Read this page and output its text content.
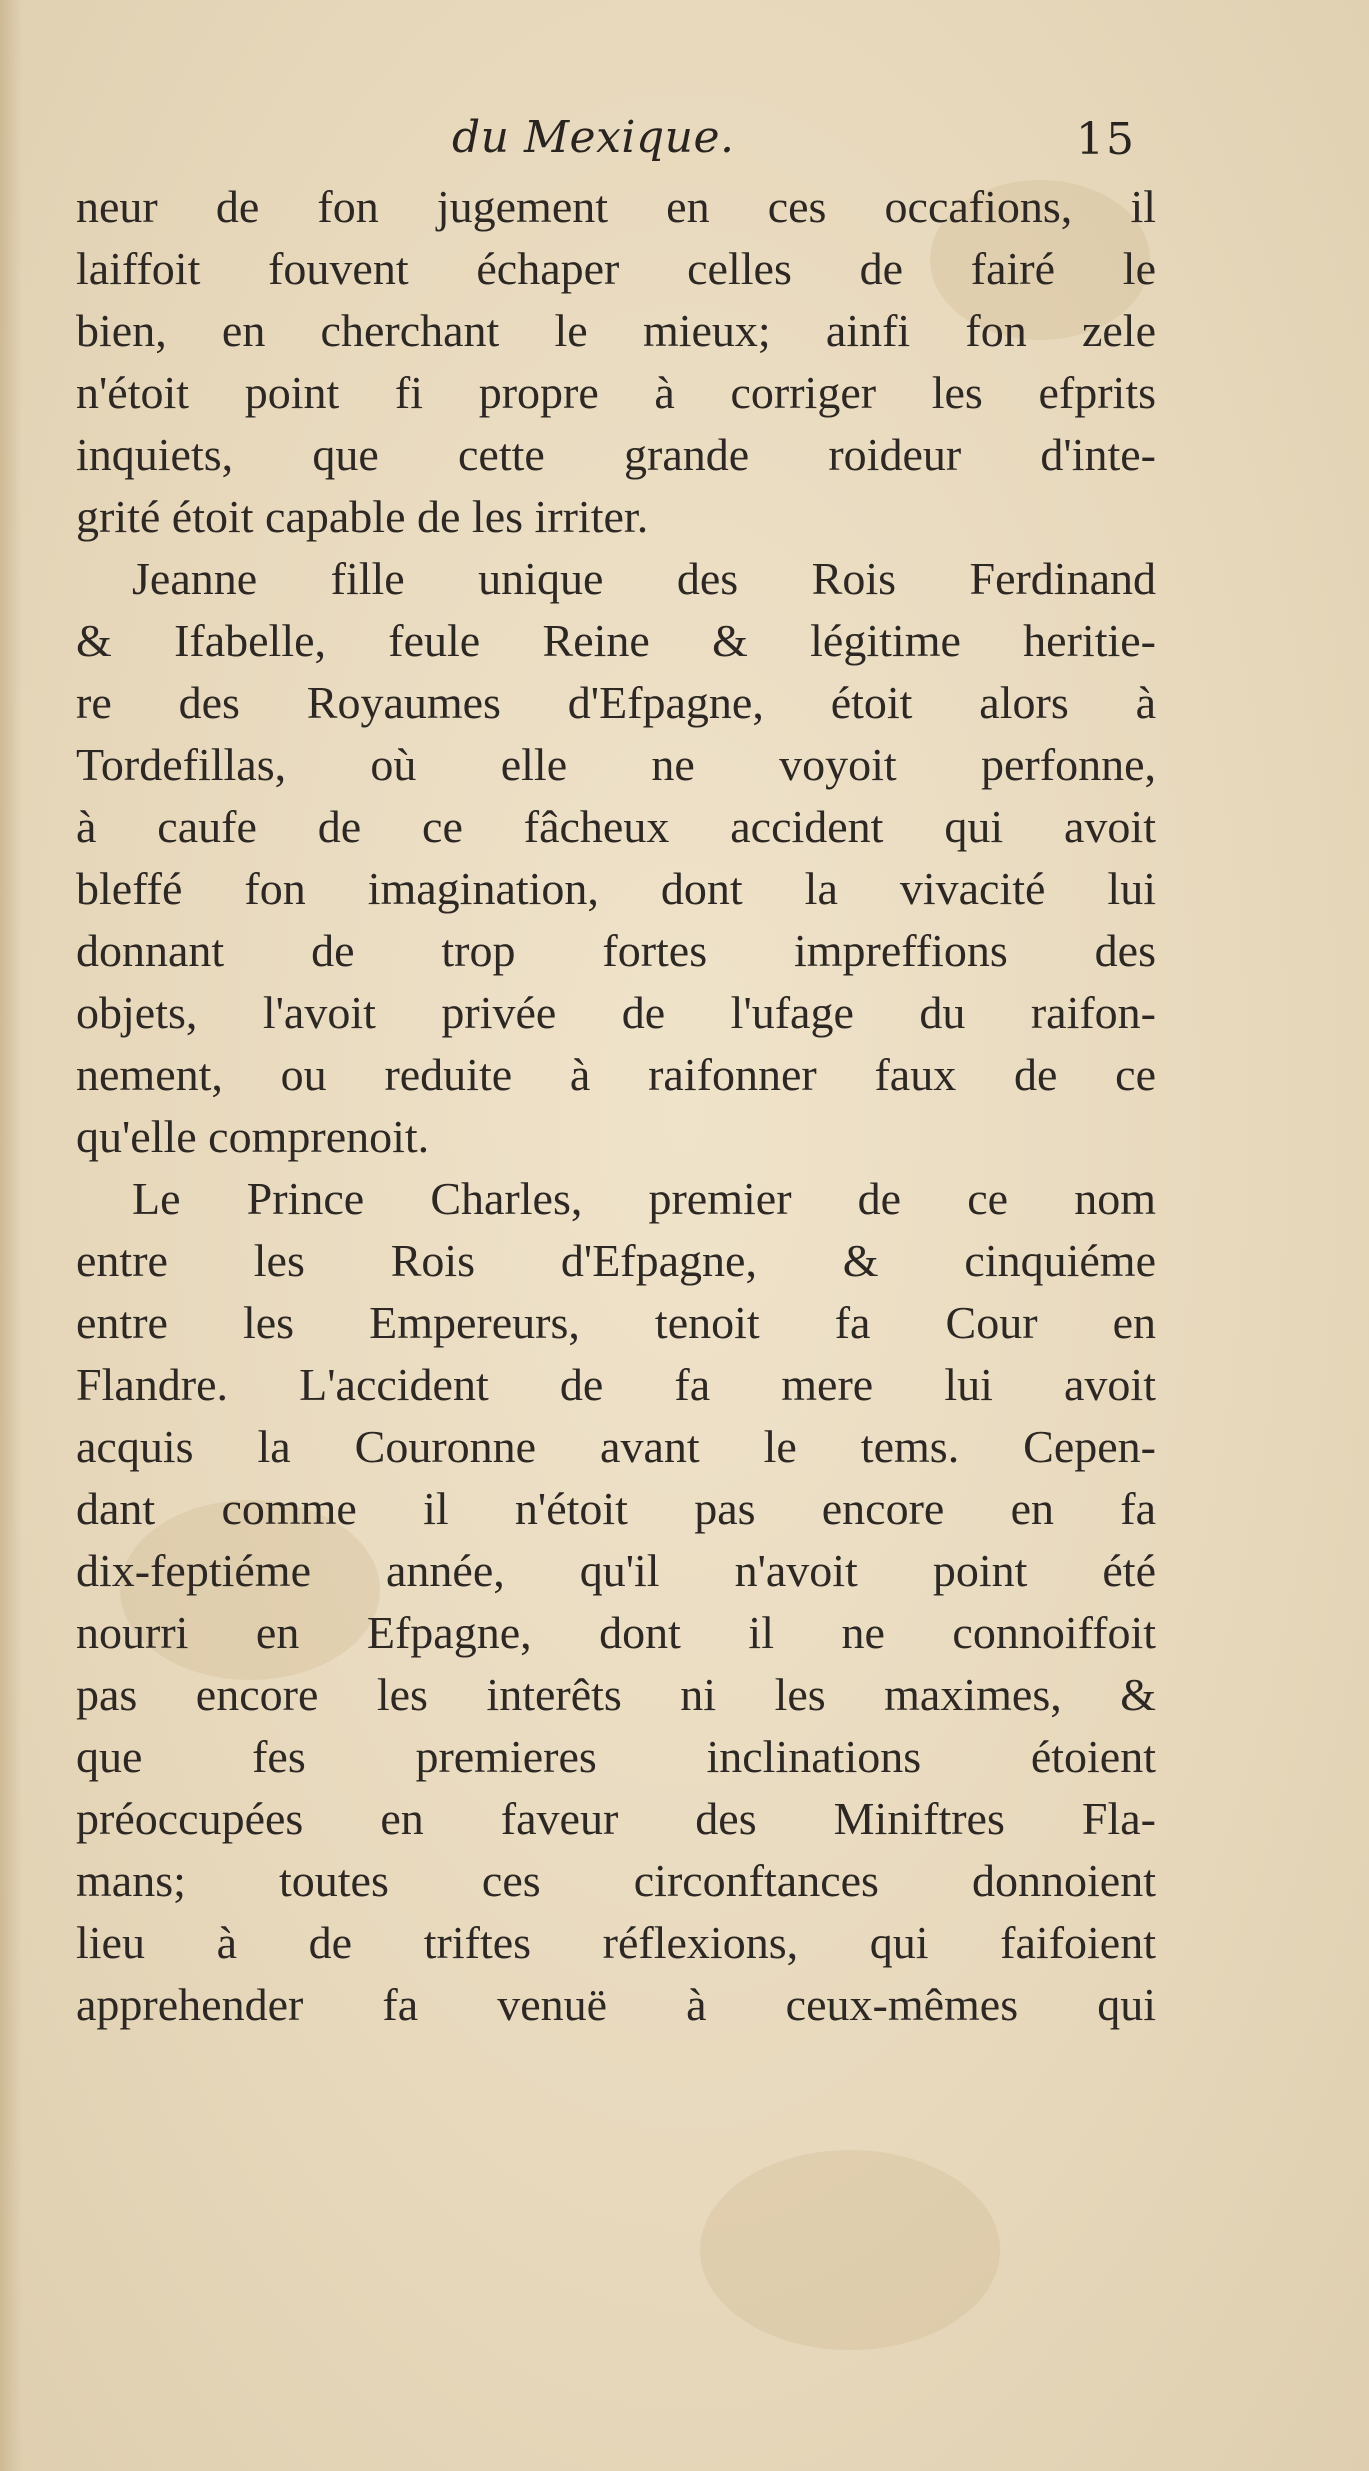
du Mexique.	15
neur de fon jugement en ces occafions, il
laiffoit fouvent échaper celles de fairé le
bien, en cherchant le mieux; ainfi fon zele
n'étoit point fi propre à corriger les efprits
inquiets, que cette grande roideur d'inte-
grité étoit capable de les irriter.
Jeanne fille unique des Rois Ferdinand
& Ifabelle, feule Reine & légitime heritie-
re des Royaumes d'Efpagne, étoit alors à
Tordefillas, où elle ne voyoit perfonne,
à caufe de ce fâcheux accident qui avoit
bleffé fon imagination, dont la vivacité lui
donnant de trop fortes impreffions des
objets, l'avoit privée de l'ufage du raifon-
nement, ou reduite à raifonner faux de ce
qu'elle comprenoit.
Le Prince Charles, premier de ce nom
entre les Rois d'Efpagne, & cinquiéme
entre les Empereurs, tenoit fa Cour en
Flandre. L'accident de fa mere lui avoit
acquis la Couronne avant le tems. Cepen-
dant comme il n'étoit pas encore en fa
dix-feptiéme année, qu'il n'avoit point été
nourri en Efpagne, dont il ne connoiffoit
pas encore les interêts ni les maximes, &
que fes premieres inclinations étoient
préoccupées en faveur des Miniftres Fla-
mans; toutes ces circonftances donnoient
lieu à de triftes réflexions, qui faifoient
apprehender fa venuë à ceux-mêmes qui
